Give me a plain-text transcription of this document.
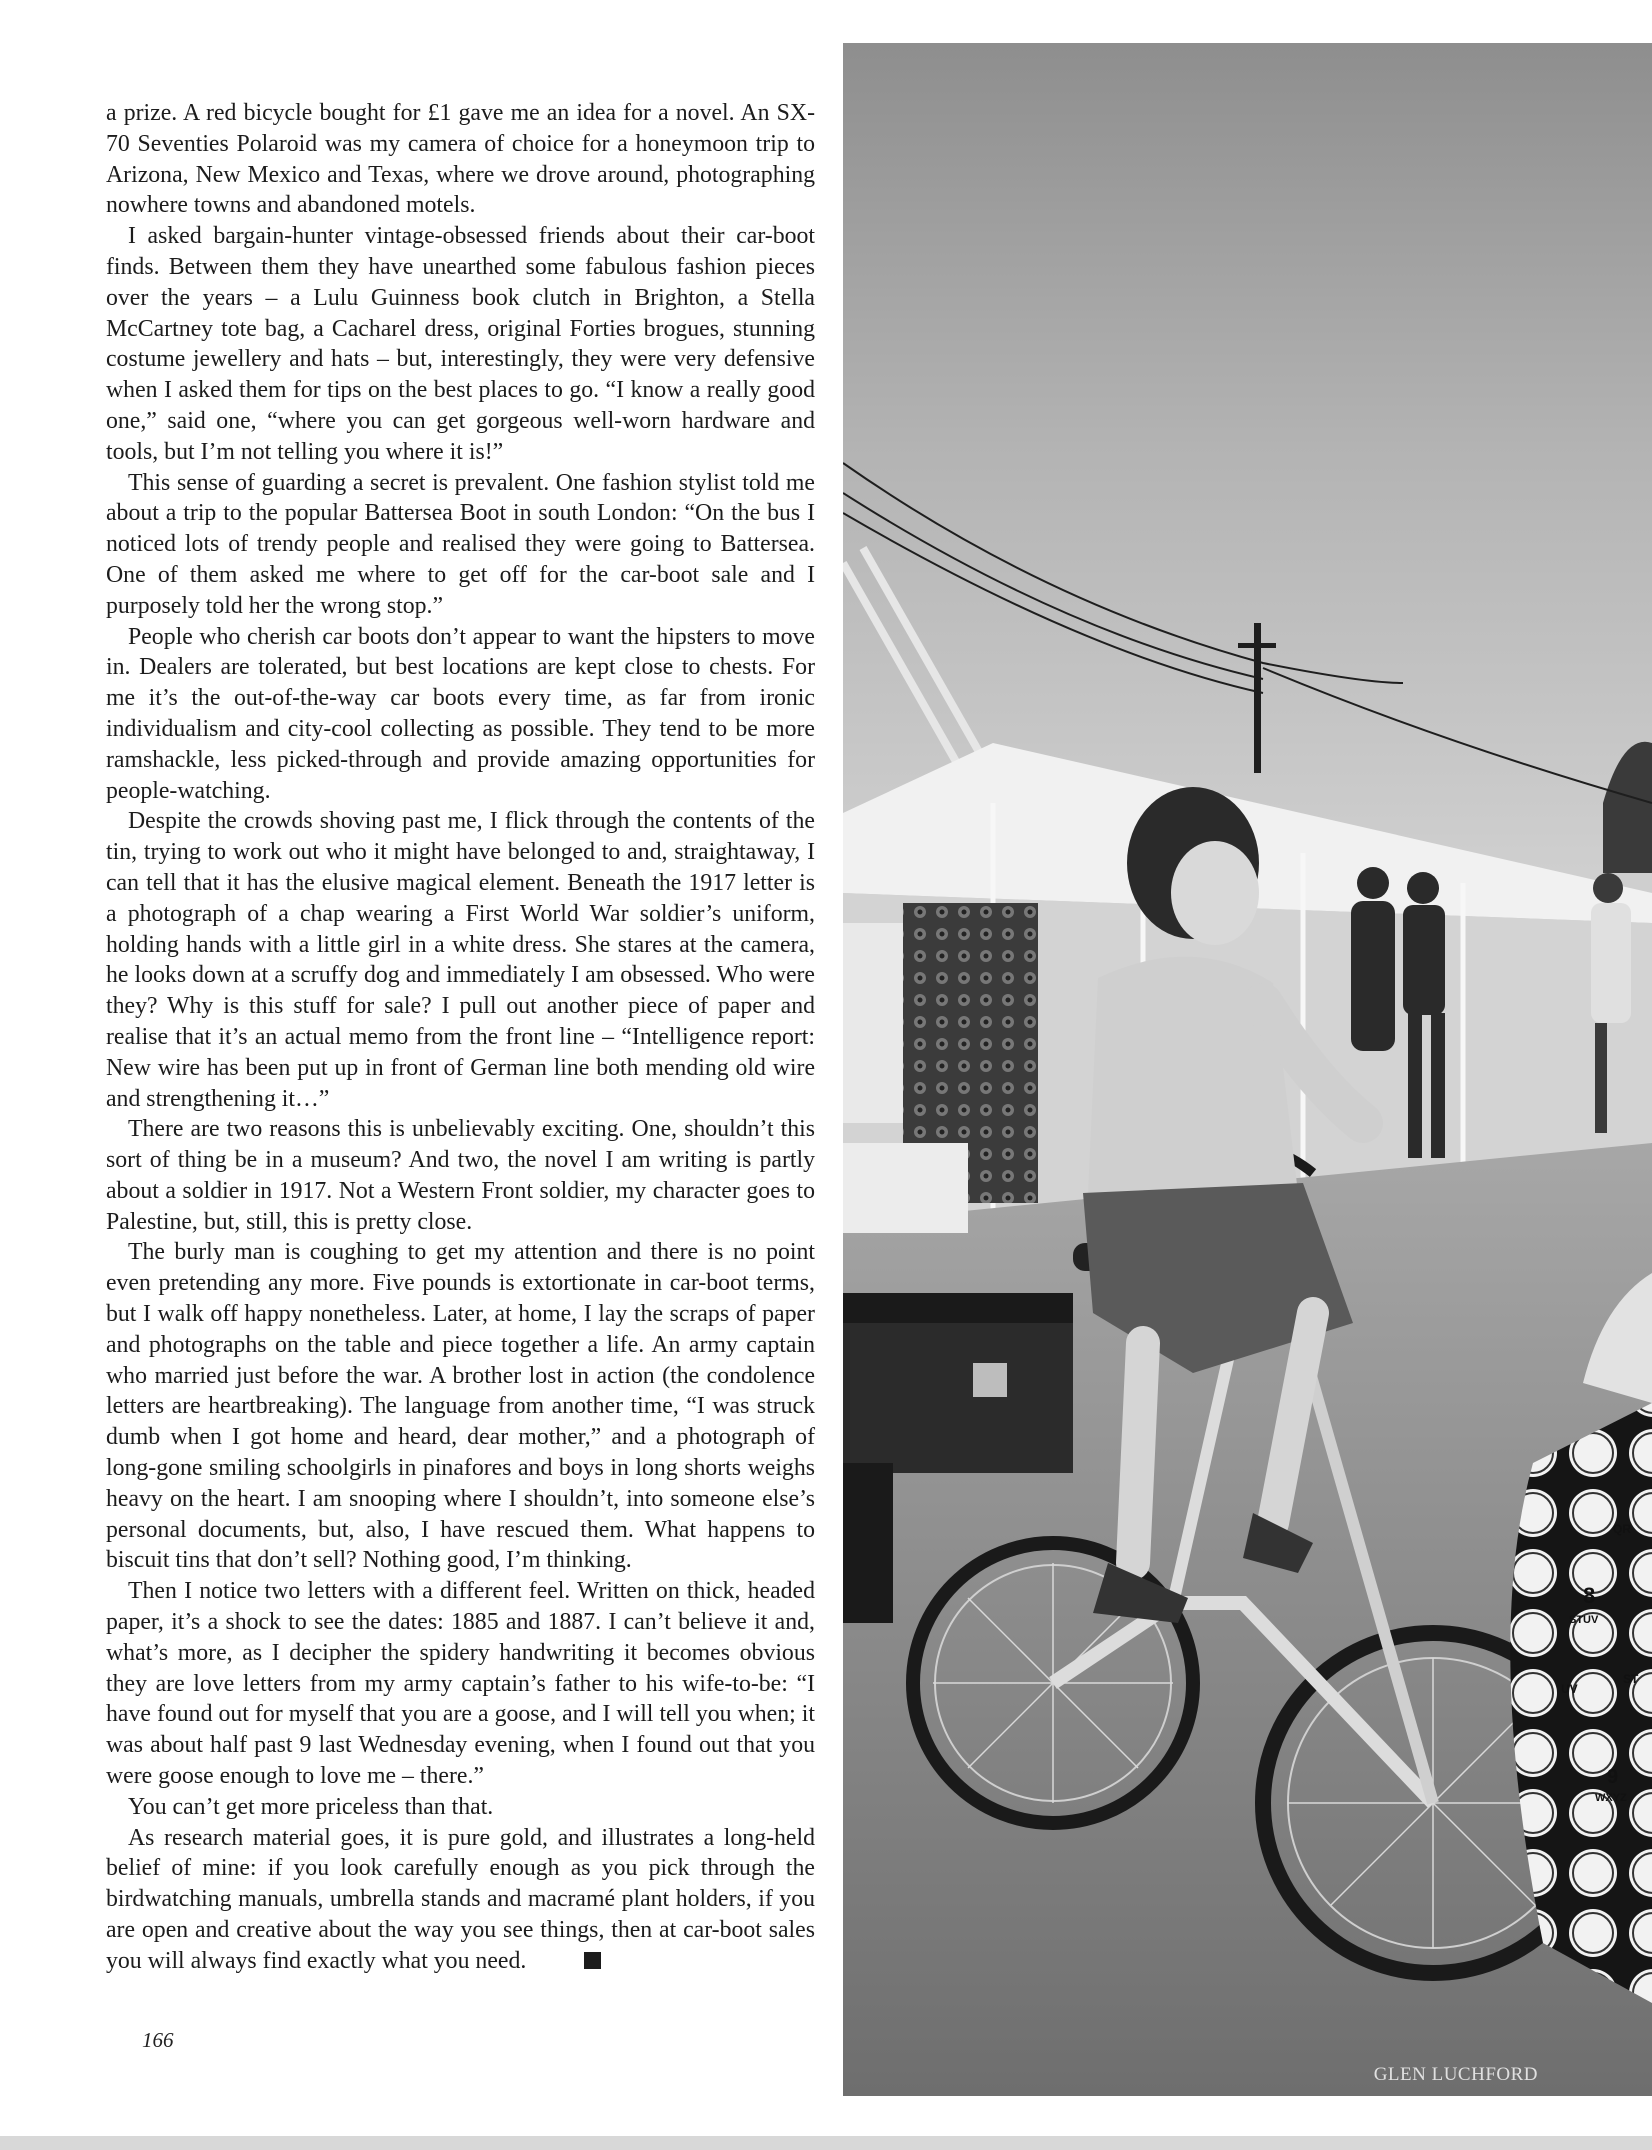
a prize. A red bicycle bought for £1 gave me an idea for a novel. An SX-70 Seventies Polaroid was my camera of choice for a honeymoon trip to Arizona, New Mexico and Texas, where we drove around, photographing nowhere towns and abandoned motels.

I asked bargain-hunter vintage-obsessed friends about their car-boot finds. Between them they have unearthed some fabulous fashion pieces over the years – a Lulu Guinness book clutch in Brighton, a Stella McCartney tote bag, a Cacharel dress, original Forties brogues, stunning costume jewellery and hats – but, interestingly, they were very defensive when I asked them for tips on the best places to go. “I know a really good one,” said one, “where you can get gorgeous well-worn hardware and tools, but I’m not telling you where it is!”

This sense of guarding a secret is prevalent. One fashion stylist told me about a trip to the popular Battersea Boot in south London: “On the bus I noticed lots of trendy people and realised they were going to Battersea. One of them asked me where to get off for the car-boot sale and I purposely told her the wrong stop.”

People who cherish car boots don’t appear to want the hipsters to move in. Dealers are tolerated, but best locations are kept close to chests. For me it’s the out-of-the-way car boots every time, as far from ironic individualism and city-cool collecting as possible. They tend to be more ramshackle, less picked-through and provide amazing opportunities for people-watching.

Despite the crowds shoving past me, I flick through the contents of the tin, trying to work out who it might have belonged to and, straightaway, I can tell that it has the elusive magical element. Beneath the 1917 letter is a photograph of a chap wearing a First World War soldier’s uniform, holding hands with a little girl in a white dress. She stares at the camera, he looks down at a scruffy dog and immediately I am obsessed. Who were they? Why is this stuff for sale? I pull out another piece of paper and realise that it’s an actual memo from the front line – “Intelligence report: New wire has been put up in front of German line both mending old wire and strengthening it…”

There are two reasons this is unbelievably exciting. One, shouldn’t this sort of thing be in a museum? And two, the novel I am writing is partly about a soldier in 1917. Not a Western Front soldier, my character goes to Palestine, but, still, this is pretty close.

The burly man is coughing to get my attention and there is no point even pretending any more. Five pounds is extortionate in car-boot terms, but I walk off happy nonetheless. Later, at home, I lay the scraps of paper and photographs on the table and piece together a life. An army captain who married just before the war. A brother lost in action (the condolence letters are heartbreaking). The language from another time, “I was struck dumb when I got home and heard, dear mother,” and a photograph of long-gone smiling schoolgirls in pinafores and boys in long shorts weighs heavy on the heart. I am snooping where I shouldn’t, into someone else’s personal documents, but, also, I have rescued them. What happens to biscuit tins that don’t sell? Nothing good, I’m thinking.

Then I notice two letters with a different feel. Written on thick, headed paper, it’s a shock to see the dates: 1885 and 1887. I can’t believe it and, what’s more, as I decipher the spidery handwriting it becomes obvious they are love letters from my army captain’s father to his wife-to-be: “I have found out for myself that you are a goose, and I will tell you when; it was about half past 9 last Wednesday evening, when I found out that you were goose enough to love me – there.”

You can’t get more priceless than that.

As research material goes, it is pure gold, and illustrates a long-held belief of mine: if you look carefully enough as you pick through the birdwatching manuals, umbrella stands and macramé plant holders, if you are open and creative about the way you see things, then at car-boot sales you will always find exactly what you need.

166
8
STUV
9
WXYZ
QR
UV
ST
GLEN LUCHFORD
